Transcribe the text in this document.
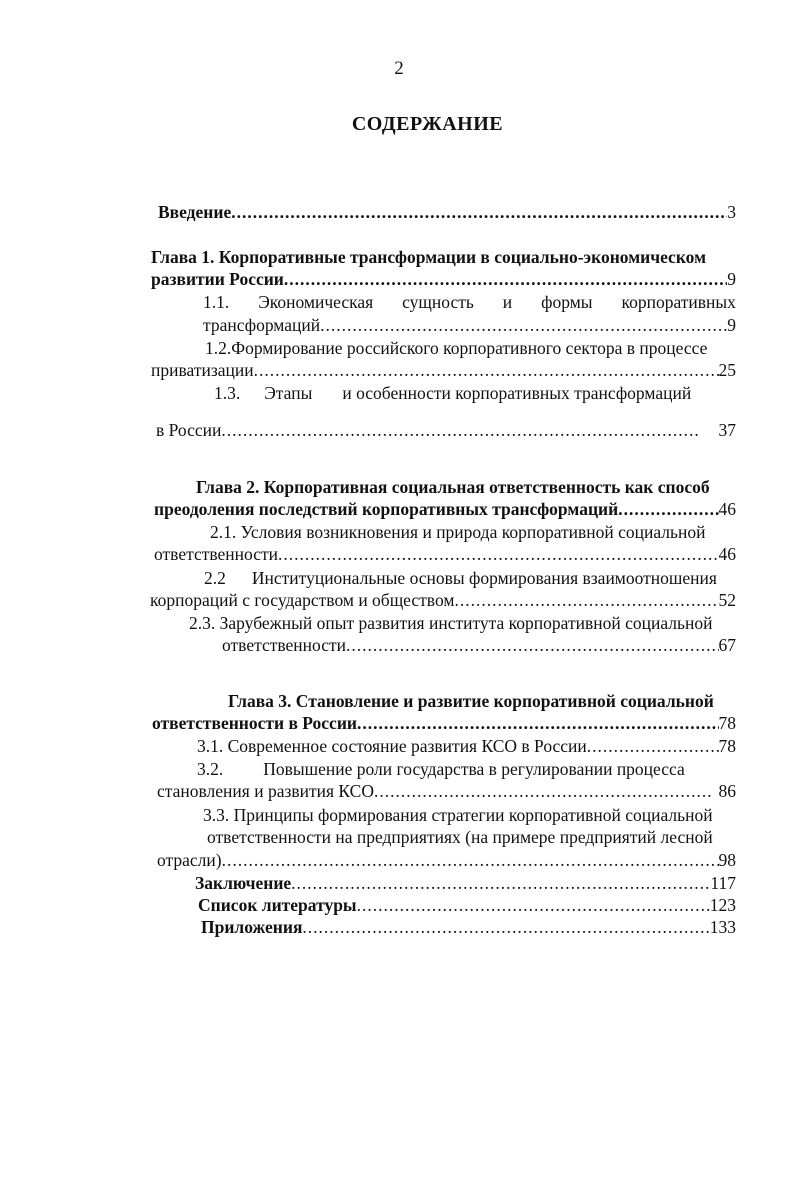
2
СОДЕРЖАНИЕ
Введение .....	3
Глава 1. Корпоративные трансформации в социально-экономическом
развитии России .....	9
1.1. Экономическая сущность и формы корпоративных
трансформаций .....	9
1.2.Формирование российского корпоративного сектора в процессе
приватизации .....	25
1.3. Этапы и особенности корпоративных трансформаций
в России .....	37
Глава 2. Корпоративная социальная ответственность как способ
преодоления последствий корпоративных трансформаций .....	46
2.1. Условия возникновения и природа корпоративной социальной
ответственности .....	46
2.2 Институциональные основы формирования взаимоотношения
корпораций с государством и обществом .....	52
2.3. Зарубежный опыт развития института корпоративной социальной
ответственности .....	67
Глава 3. Становление и развитие корпоративной социальной
ответственности в России .....	78
3.1. Современное состояние развития КСО в России .....	78
3.2. Повышение роли государства в регулировании процесса
становления и развития КСО .....	86
3.3. Принципы формирования стратегии корпоративной социальной
ответственности на предприятиях (на примере предприятий лесной
отрасли) .....	98
Заключение .....	117
Список литературы .....	123
Приложения .....	133
